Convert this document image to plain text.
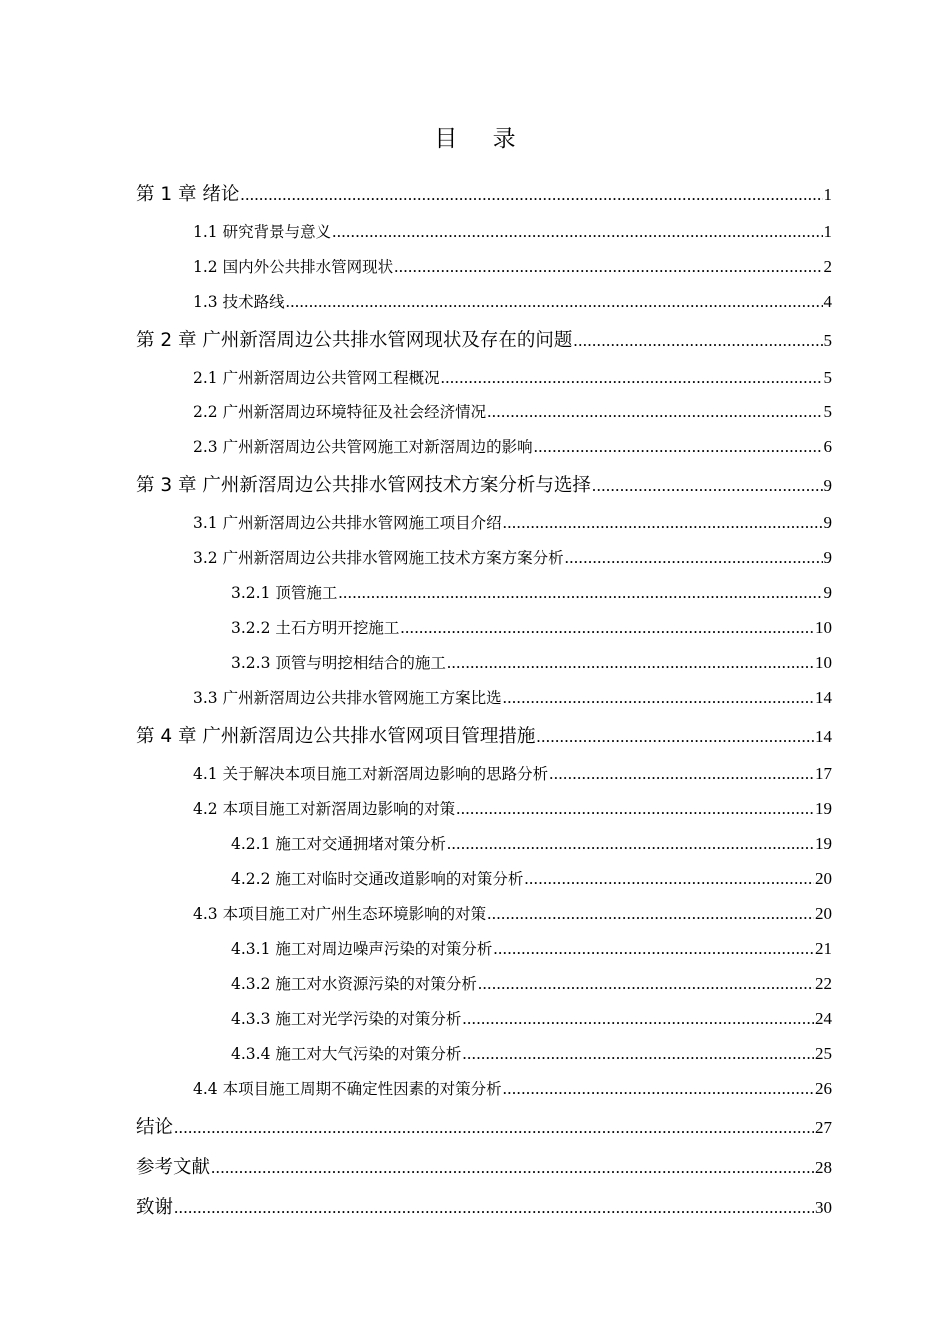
目 录
第 1 章 绪论 .....	1
1.1 研究背景与意义 .....	1
1.2 国内外公共排水管网现状 .....	2
1.3 技术路线 .....	4
第 2 章 广州新滘周边公共排水管网现状及存在的问题 .....	5
2.1 广州新滘周边公共管网工程概况 .....	5
2.2 广州新滘周边环境特征及社会经济情况 .....	5
2.3 广州新滘周边公共管网施工对新滘周边的影响 .....	6
第 3 章 广州新滘周边公共排水管网技术方案分析与选择 .....	9
3.1 广州新滘周边公共排水管网施工项目介绍 .....	9
3.2 广州新滘周边公共排水管网施工技术方案方案分析 .....	9
3.2.1 顶管施工 .....	9
3.2.2 土石方明开挖施工 .....	10
3.2.3 顶管与明挖相结合的施工 .....	10
3.3 广州新滘周边公共排水管网施工方案比选 .....	14
第 4 章 广州新滘周边公共排水管网项目管理措施 .....	14
4.1 关于解决本项目施工对新滘周边影响的思路分析 .....	17
4.2 本项目施工对新滘周边影响的对策 .....	19
4.2.1 施工对交通拥堵对策分析 .....	19
4.2.2 施工对临时交通改道影响的对策分析 .....	20
4.3 本项目施工对广州生态环境影响的对策 .....	20
4.3.1 施工对周边噪声污染的对策分析 .....	21
4.3.2 施工对水资源污染的对策分析 .....	22
4.3.3 施工对光学污染的对策分析 .....	24
4.3.4 施工对大气污染的对策分析 .....	25
4.4 本项目施工周期不确定性因素的对策分析 .....	26
结论 .....	27
参考文献 .....	28
致谢 .....	30
